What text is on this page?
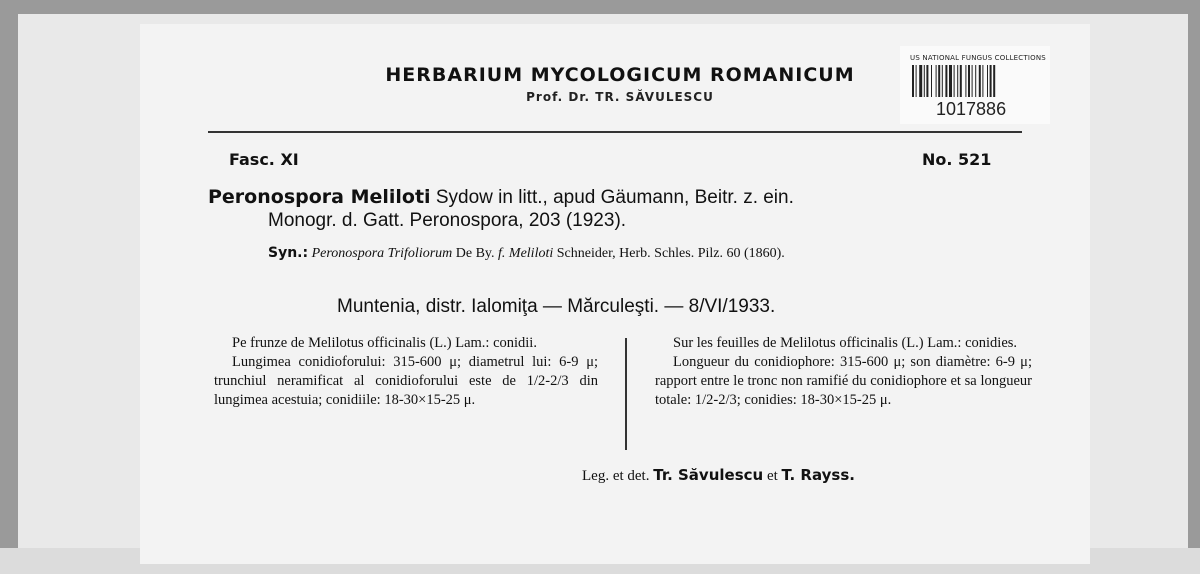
HERBARIUM MYCOLOGICUM ROMANICUM
Prof. Dr. TR. SĂVULESCU
US NATIONAL FUNGUS COLLECTIONS
1017886
Fasc. XI	No. 521
Peronospora Meliloti Sydow in litt., apud Gäumann, Beitr. z. ein.
Monogr. d. Gatt. Peronospora, 203 (1923).
Syn.: Peronospora Trifoliorum De By. f. Meliloti Schneider, Herb. Schles. Pilz. 60 (1860).
Muntenia, distr. Ialomiţa — Mărculeşti. — 8/VI/1933.

Pe frunze de Melilotus officinalis (L.) Lam.: conidii.

Lungimea conidioforului: 315-600 μ; diametrul lui: 6-9 μ; trunchiul neramificat al conidioforului este de 1/2-2/3 din lungimea acestuia; conidiile: 18-30×15-25 μ.

Sur les feuilles de Melilotus officinalis (L.) Lam.: conidies.

Longueur du conidiophore: 315-600 μ; son diamètre: 6-9 μ; rapport entre le tronc non ramifié du conidiophore et sa longueur totale: 1/2-2/3; conidies: 18-30×15-25 μ.

Leg. et det. Tr. Săvulescu et T. Rayss.
